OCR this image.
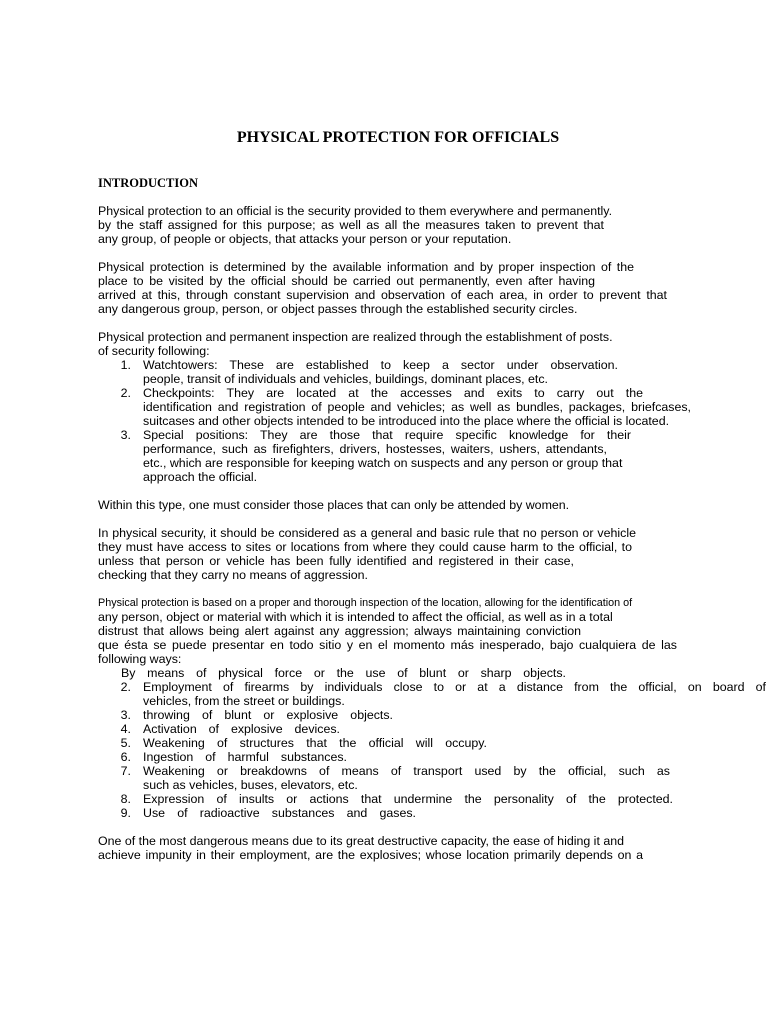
PHYSICAL PROTECTION FOR OFFICIALS
INTRODUCTION
Physical protection to an official is the security provided to them everywhere and permanently.
by the staff assigned for this purpose; as well as all the measures taken to prevent that
any group, of people or objects, that attacks your person or your reputation.
Physical protection is determined by the available information and by proper inspection of the
place to be visited by the official should be carried out permanently, even after having
arrived at this, through constant supervision and observation of each area, in order to prevent that
any dangerous group, person, or object passes through the established security circles.
Physical protection and permanent inspection are realized through the establishment of posts.
of security following:
1. Watchtowers: These are established to keep a sector under observation.
people, transit of individuals and vehicles, buildings, dominant places, etc.
2. Checkpoints: They are located at the accesses and exits to carry out the
identification and registration of people and vehicles; as well as bundles, packages, briefcases,
suitcases and other objects intended to be introduced into the place where the official is located.
3. Special positions: They are those that require specific knowledge for their
performance, such as firefighters, drivers, hostesses, waiters, ushers, attendants,
etc., which are responsible for keeping watch on suspects and any person or group that
approach the official.
Within this type, one must consider those places that can only be attended by women.
In physical security, it should be considered as a general and basic rule that no person or vehicle
they must have access to sites or locations from where they could cause harm to the official, to
unless that person or vehicle has been fully identified and registered in their case,
checking that they carry no means of aggression.
Physical protection is based on a proper and thorough inspection of the location, allowing for the identification of
any person, object or material with which it is intended to affect the official, as well as in a total
distrust that allows being alert against any aggression; always maintaining conviction
que ésta se puede presentar en todo sitio y en el momento más inesperado, bajo cualquiera de las
following ways:
By means of physical force or the use of blunt or sharp objects.
2. Employment of firearms by individuals close to or at a distance from the official, on board of
vehicles, from the street or buildings.
3. throwing of blunt or explosive objects.
4. Activation of explosive devices.
5. Weakening of structures that the official will occupy.
6. Ingestion of harmful substances.
7. Weakening or breakdowns of means of transport used by the official, such as
such as vehicles, buses, elevators, etc.
8. Expression of insults or actions that undermine the personality of the protected.
9. Use of radioactive substances and gases.
One of the most dangerous means due to its great destructive capacity, the ease of hiding it and
achieve impunity in their employment, are the explosives; whose location primarily depends on a
